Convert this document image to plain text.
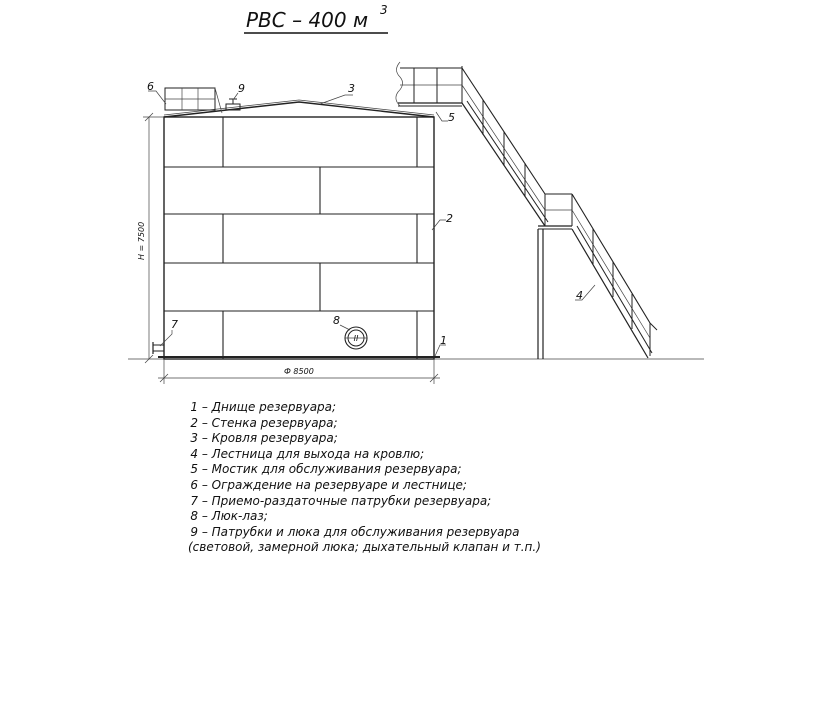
РВС – 400 м 3
II
Н = 7500
Ф 8500
6	9	3
5
2
4
7	8
1
1 – Днище резервуара;
2 – Стенка резервуара;
3 – Кровля резервуара;
4 – Лестница для выхода на кровлю;
5 – Мостик для обслуживания резервуара;
6 – Ограждение на резервуаре и лестнице;
7 – Приемо-раздаточные патрубки резервуара;
8 – Люк-лаз;
9 – Патрубки и люка для обслуживания резервуара
(световой, замерной люка; дыхательный клапан и т.п.)
